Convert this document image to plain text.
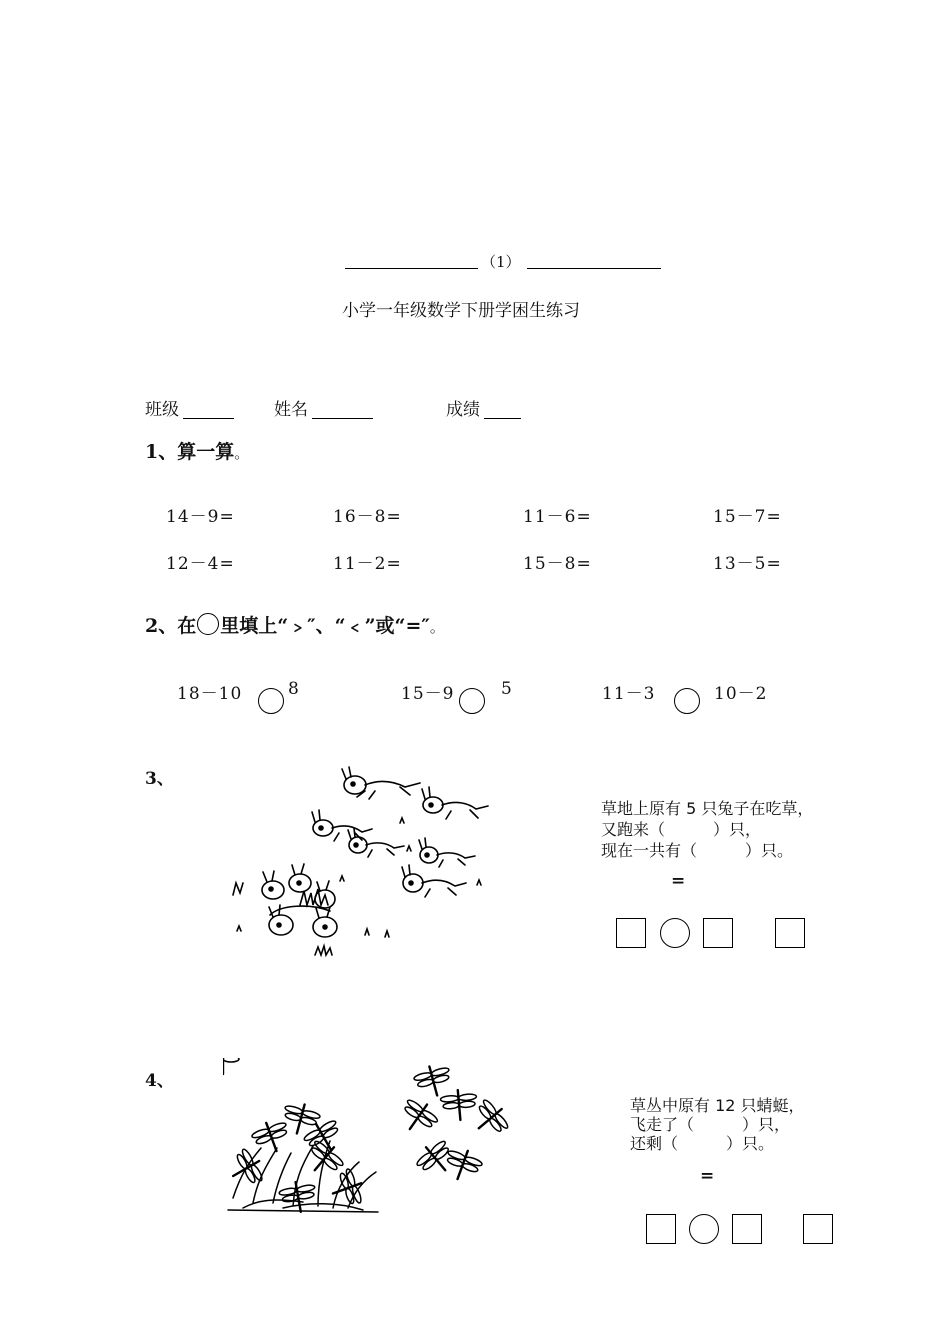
（1）
小学一年级数学下册学困生练习
班级	姓名	成绩
1、算一算。
14－9=	16－8=	11－6=	15－7=
12－4=	11－2=	15－8=	13－5=
2、在 里填上“﹥″、“﹤”或“=″。
18－10	8	15－9	5	11－3	10－2
3、
草地上原有 5 只兔子在吃草，
又跑来（　　　）只，
现在一共有（　　　）只。
=
4、
草丛中原有 12 只蜻蜓，
飞走了（　　　）只，
还剩（　　　）只。
=
